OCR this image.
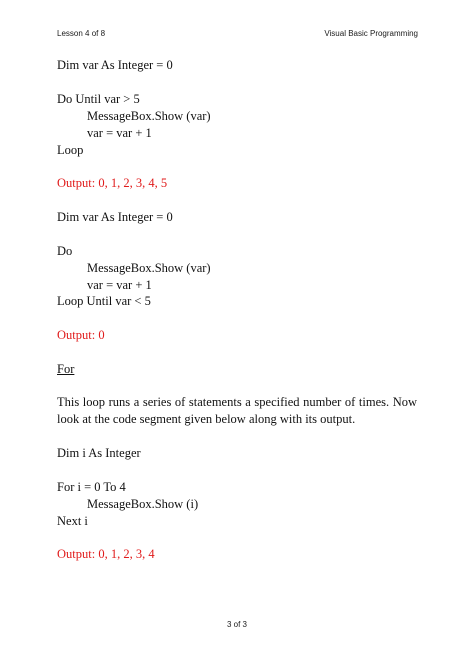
Lesson 4 of 8	Visual Basic Programming
Dim var As Integer = 0
Do Until var > 5
MessageBox.Show (var)
var = var + 1
Loop
Output: 0, 1, 2, 3, 4, 5
Dim var As Integer = 0
Do
MessageBox.Show (var)
var = var + 1
Loop Until var < 5
Output: 0
For
This loop runs a series of statements a specified number of times. Now look at the code segment given below along with its output.
Dim i As Integer
For i = 0 To 4
MessageBox.Show (i)
Next i
Output: 0, 1, 2, 3, 4
3 of 3
